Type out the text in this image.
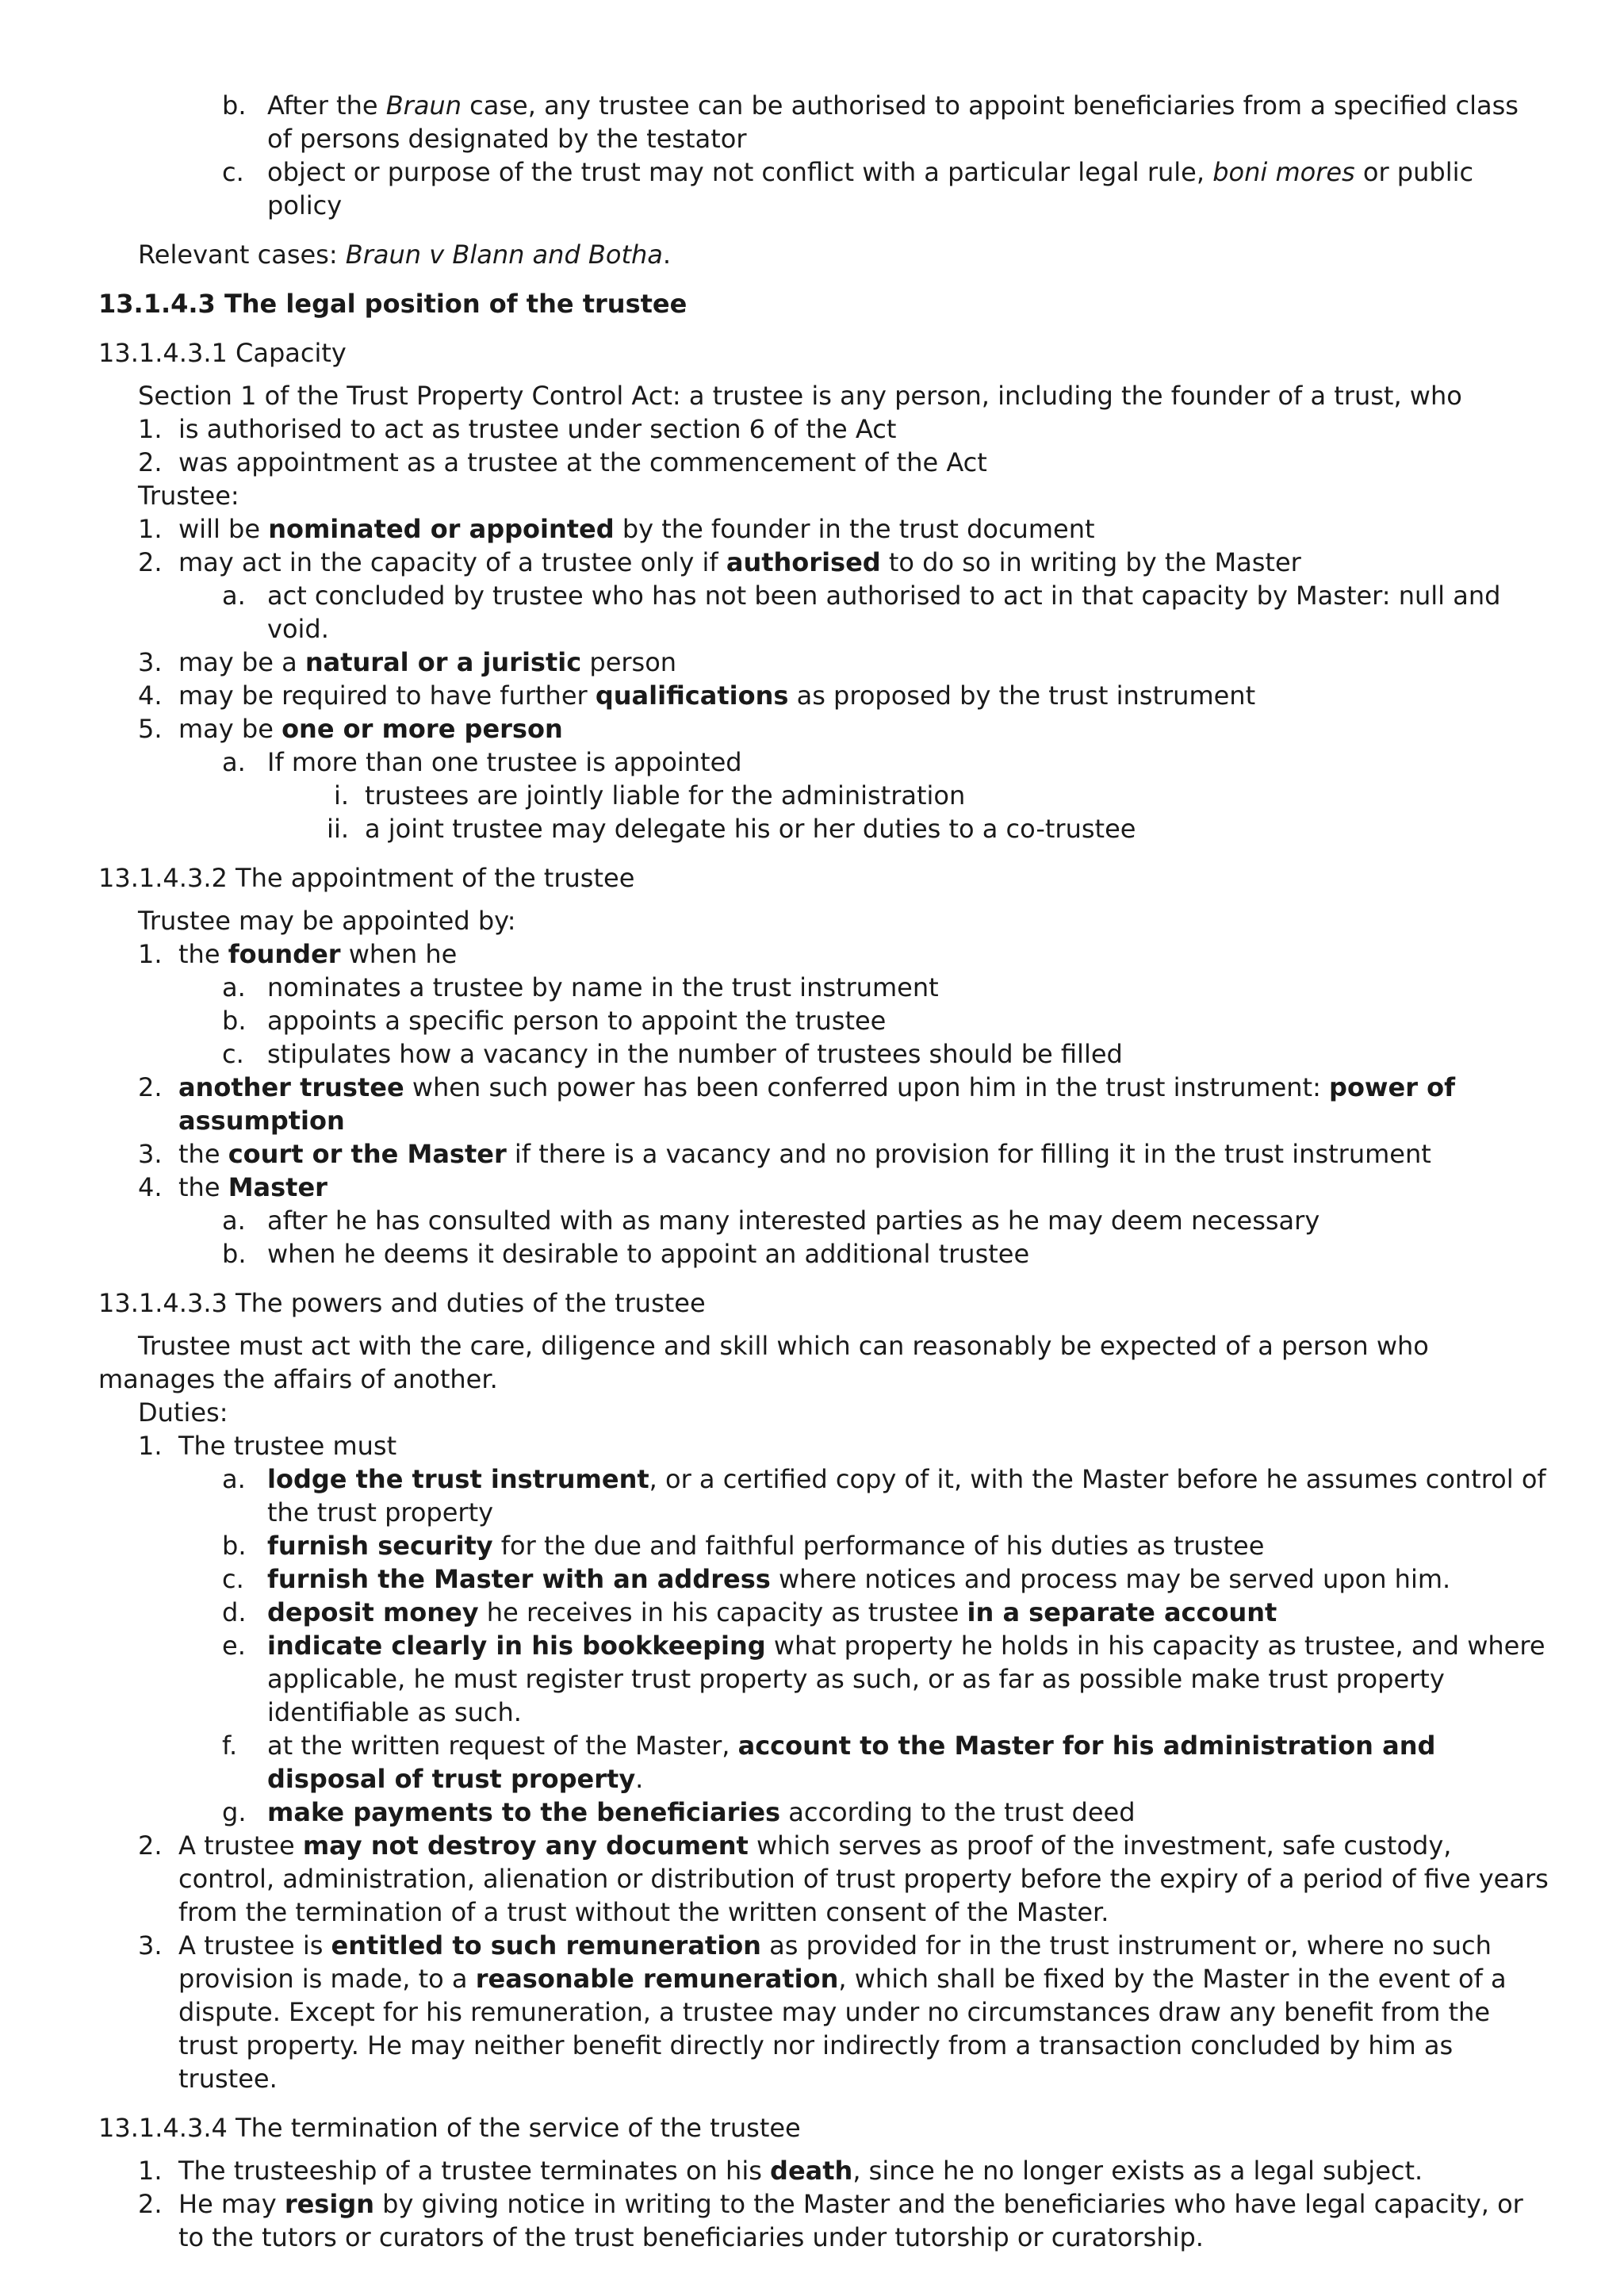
b. After the Braun case, any trustee can be authorised to appoint beneficiaries from a specified class of persons designated by the testator
c. object or purpose of the trust may not conflict with a particular legal rule, boni mores or public policy
Relevant cases: Braun v Blann and Botha.
13.1.4.3 The legal position of the trustee
13.1.4.3.1 Capacity
Section 1 of the Trust Property Control Act: a trustee is any person, including the founder of a trust, who
1. is authorised to act as trustee under section 6 of the Act
2. was appointment as a trustee at the commencement of the Act
Trustee:
1. will be nominated or appointed by the founder in the trust document
2. may act in the capacity of a trustee only if authorised to do so in writing by the Master
a. act concluded by trustee who has not been authorised to act in that capacity by Master: null and void.
3. may be a natural or a juristic person
4. may be required to have further qualifications as proposed by the trust instrument
5. may be one or more person
a. If more than one trustee is appointed
i. trustees are jointly liable for the administration
ii. a joint trustee may delegate his or her duties to a co-trustee
13.1.4.3.2 The appointment of the trustee
Trustee may be appointed by:
1. the founder when he
a. nominates a trustee by name in the trust instrument
b. appoints a specific person to appoint the trustee
c. stipulates how a vacancy in the number of trustees should be filled
2. another trustee when such power has been conferred upon him in the trust instrument: power of assumption
3. the court or the Master if there is a vacancy and no provision for filling it in the trust instrument
4. the Master
a. after he has consulted with as many interested parties as he may deem necessary
b. when he deems it desirable to appoint an additional trustee
13.1.4.3.3 The powers and duties of the trustee
Trustee must act with the care, diligence and skill which can reasonably be expected of a person who manages the affairs of another.
Duties:
1. The trustee must
a. lodge the trust instrument, or a certified copy of it, with the Master before he assumes control of the trust property
b. furnish security for the due and faithful performance of his duties as trustee
c. furnish the Master with an address where notices and process may be served upon him.
d. deposit money he receives in his capacity as trustee in a separate account
e. indicate clearly in his bookkeeping what property he holds in his capacity as trustee, and where applicable, he must register trust property as such, or as far as possible make trust property identifiable as such.
f. at the written request of the Master, account to the Master for his administration and disposal of trust property.
g. make payments to the beneficiaries according to the trust deed
2. A trustee may not destroy any document which serves as proof of the investment, safe custody, control, administration, alienation or distribution of trust property before the expiry of a period of five years from the termination of a trust without the written consent of the Master.
3. A trustee is entitled to such remuneration as provided for in the trust instrument or, where no such provision is made, to a reasonable remuneration, which shall be fixed by the Master in the event of a dispute. Except for his remuneration, a trustee may under no circumstances draw any benefit from the trust property. He may neither benefit directly nor indirectly from a transaction concluded by him as trustee.
13.1.4.3.4 The termination of the service of the trustee
1. The trusteeship of a trustee terminates on his death, since he no longer exists as a legal subject.
2. He may resign by giving notice in writing to the Master and the beneficiaries who have legal capacity, or to the tutors or curators of the trust beneficiaries under tutorship or curatorship.
